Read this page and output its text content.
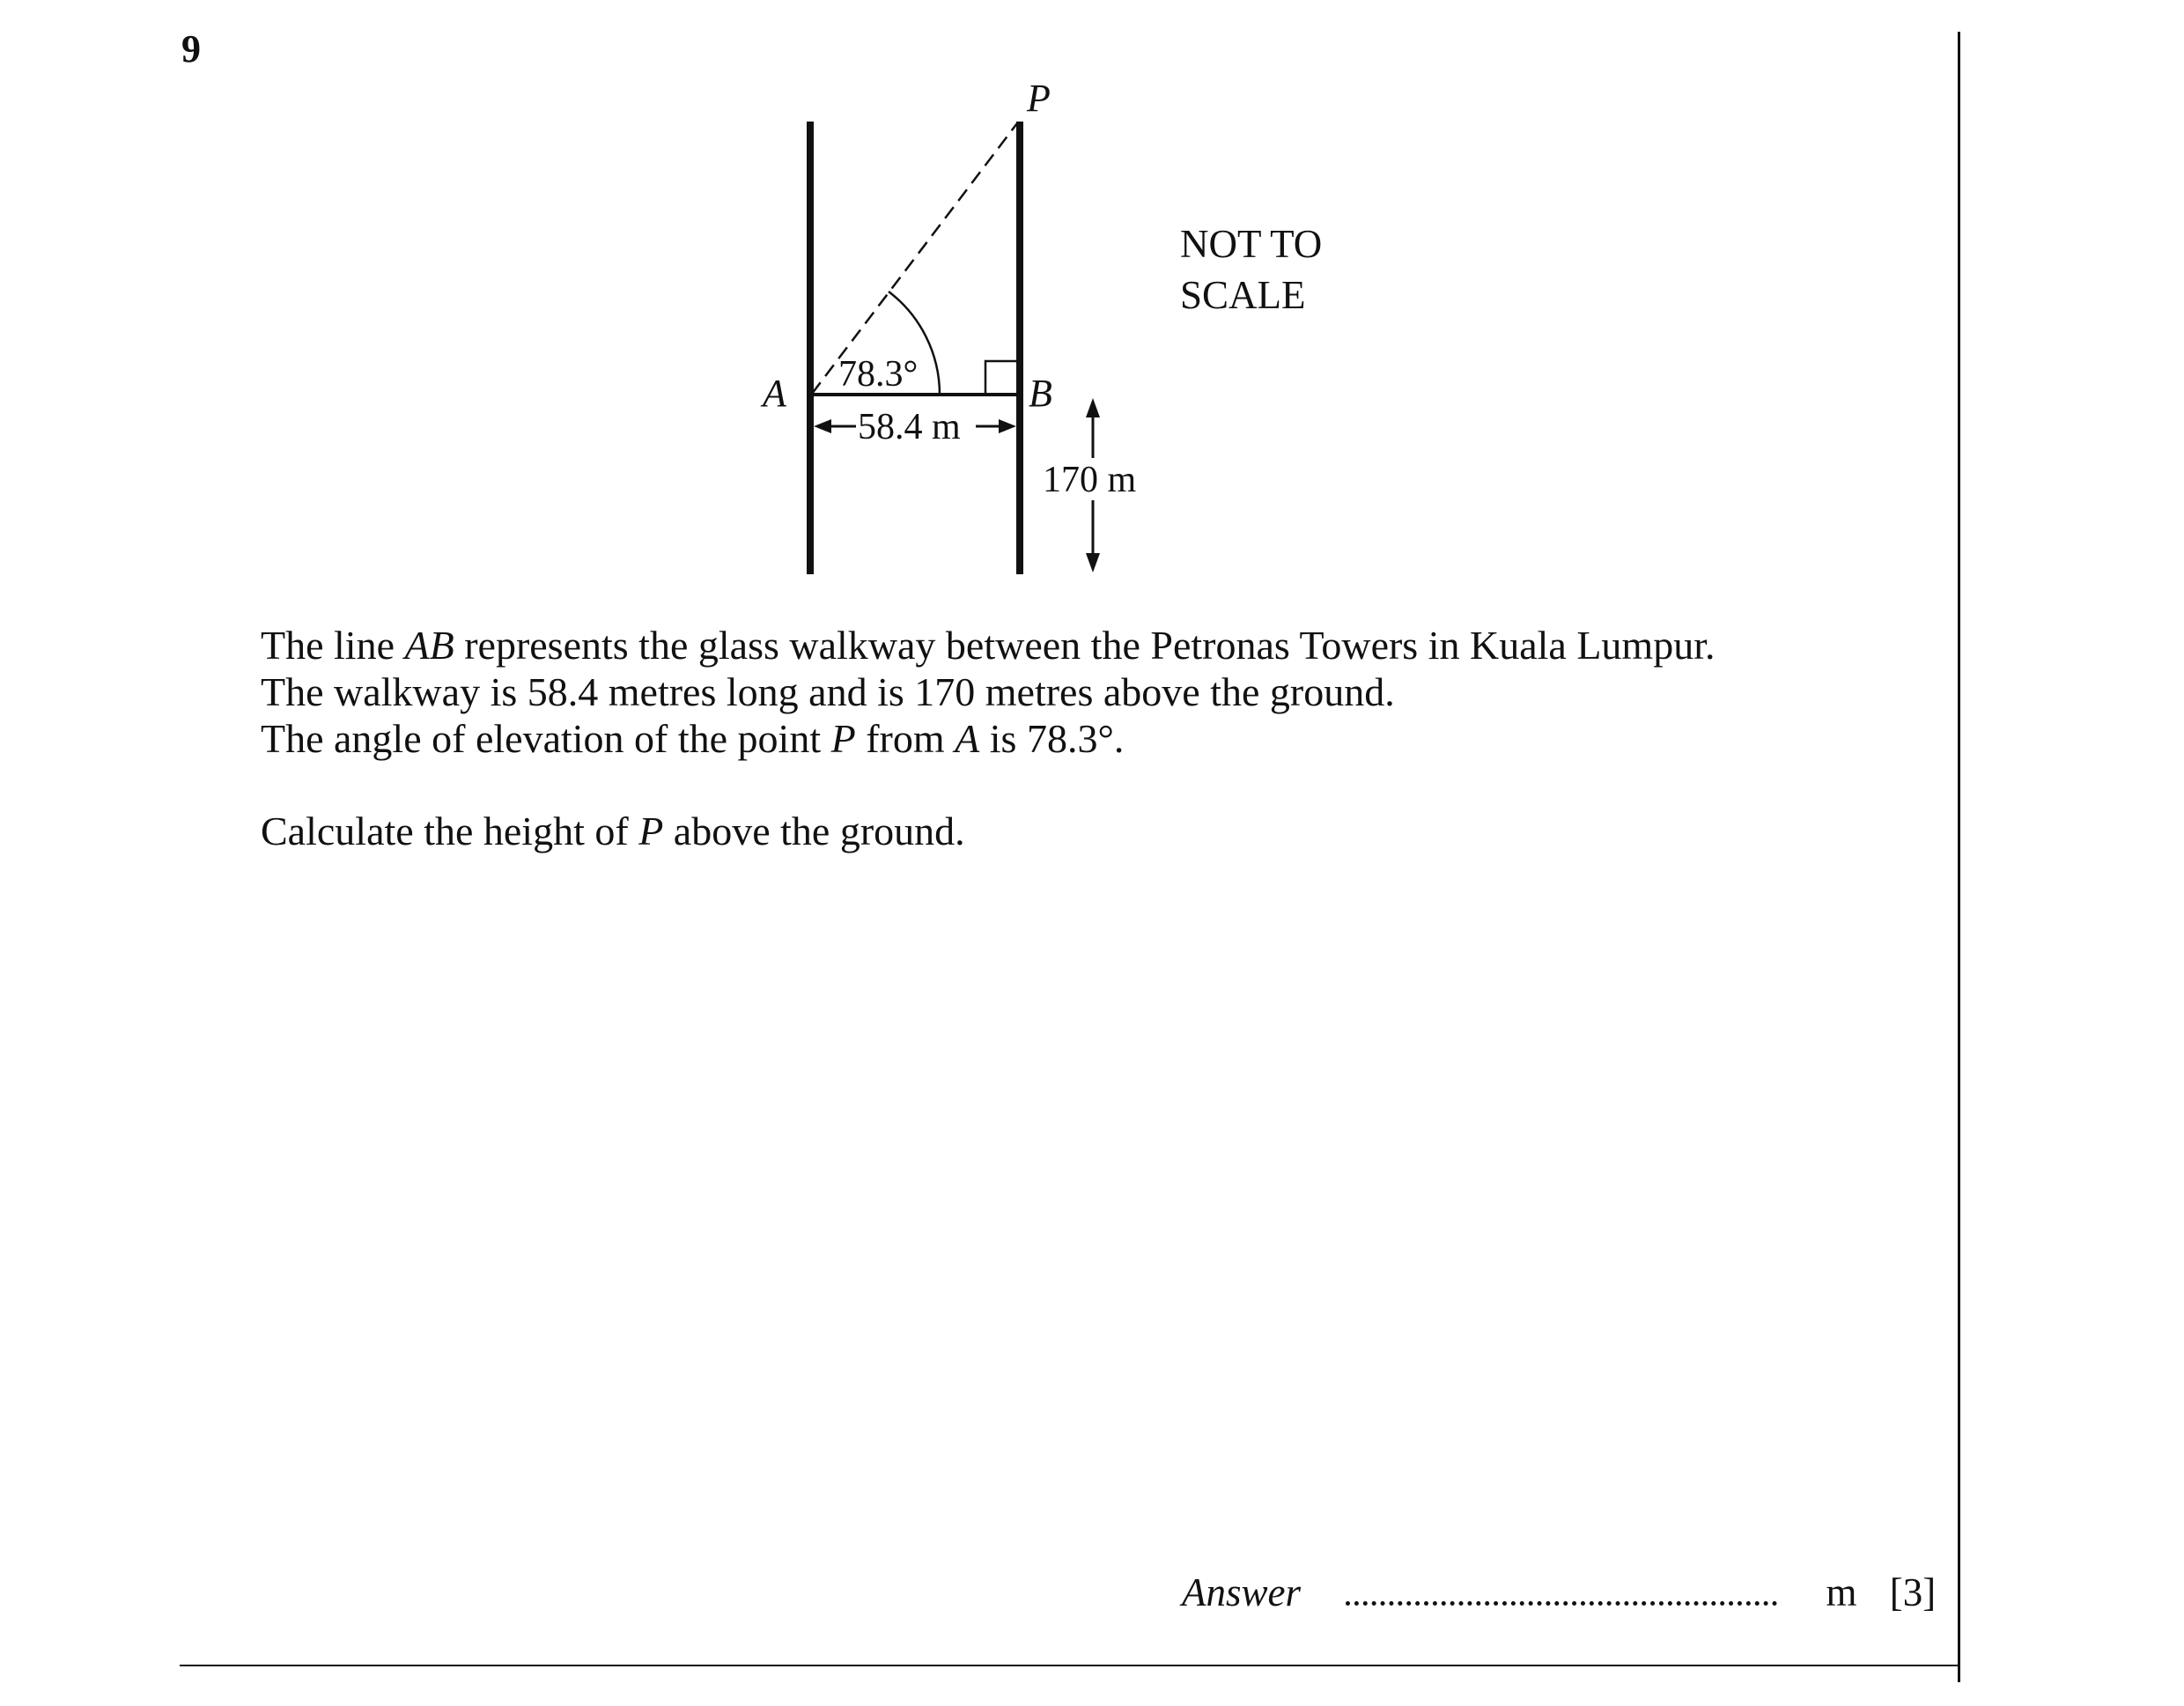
9
P
A	B
78.3°
58.4 m
170 m
NOT TO
SCALE

The line AB represents the glass walkway between the Petronas Towers in Kuala Lumpur.

The walkway is 58.4 metres long and is 170 metres above the ground.

The angle of elevation of the point P from A is 78.3°.

Calculate the height of P above the ground.

Answer	m [3]
